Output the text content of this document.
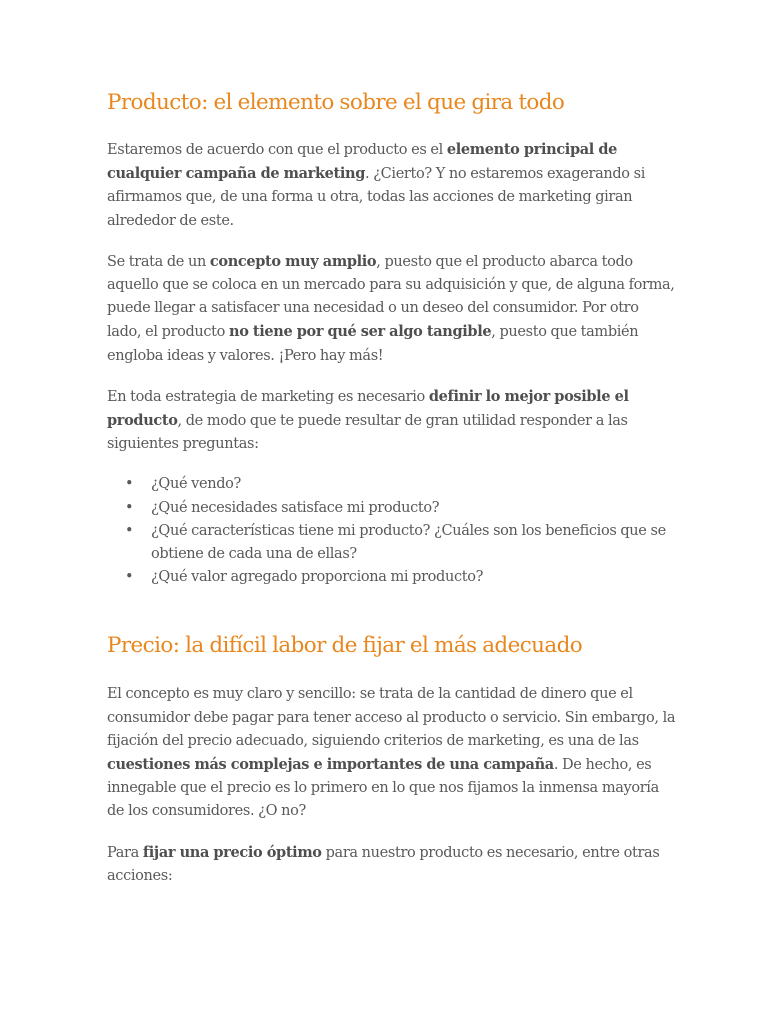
Producto: el elemento sobre el que gira todo

Estaremos de acuerdo con que el producto es el elemento principal de cualquier campaña de marketing. ¿Cierto? Y no estaremos exagerando si afirmamos que, de una forma u otra, todas las acciones de marketing giran alrededor de este.

Se trata de un concepto muy amplio, puesto que el producto abarca todo aquello que se coloca en un mercado para su adquisición y que, de alguna forma, puede llegar a satisfacer una necesidad o un deseo del consumidor. Por otro lado, el producto no tiene por qué ser algo tangible, puesto que también engloba ideas y valores. ¡Pero hay más!

En toda estrategia de marketing es necesario definir lo mejor posible el producto, de modo que te puede resultar de gran utilidad responder a las siguientes preguntas:

• ¿Qué vendo?
• ¿Qué necesidades satisface mi producto?
• ¿Qué características tiene mi producto? ¿Cuáles son los beneficios que se obtiene de cada una de ellas?
• ¿Qué valor agregado proporciona mi producto?
Precio: la difícil labor de fijar el más adecuado

El concepto es muy claro y sencillo: se trata de la cantidad de dinero que el consumidor debe pagar para tener acceso al producto o servicio. Sin embargo, la fijación del precio adecuado, siguiendo criterios de marketing, es una de las cuestiones más complejas e importantes de una campaña. De hecho, es innegable que el precio es lo primero en lo que nos fijamos la inmensa mayoría de los consumidores. ¿O no?

Para fijar una precio óptimo para nuestro producto es necesario, entre otras acciones:
